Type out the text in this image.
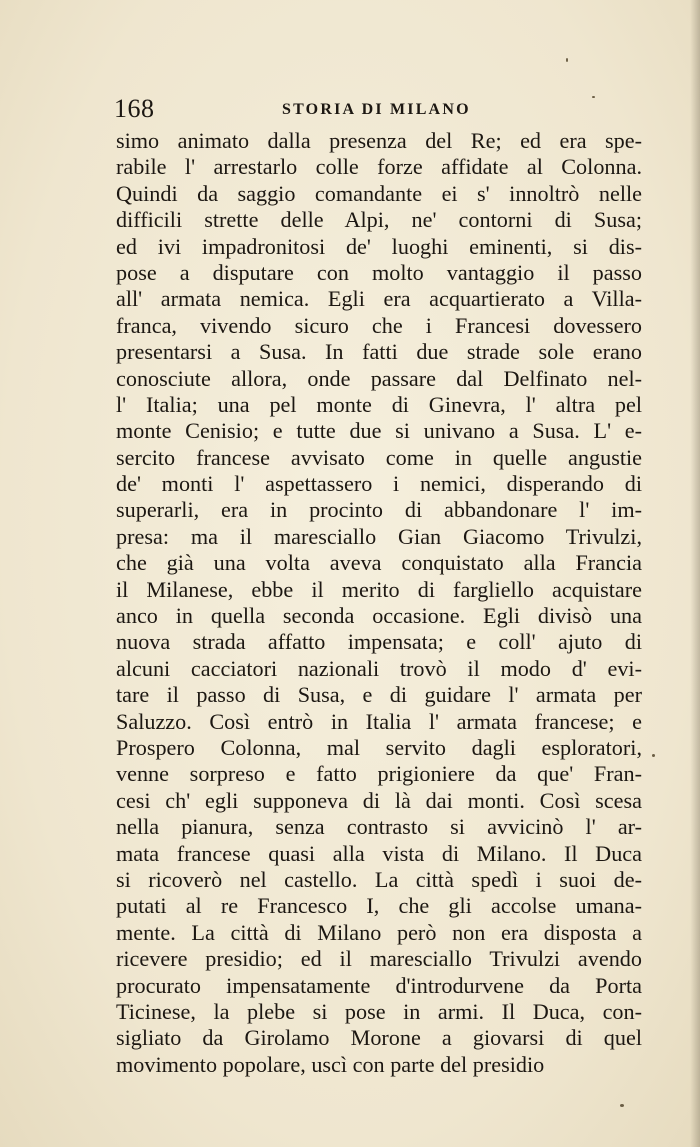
168	STORIA DI MILANO
simo animato dalla presenza del Re; ed era spe-
rabile l' arrestarlo colle forze affidate al Colonna.
Quindi da saggio comandante ei s' innoltrò nelle
difficili strette delle Alpi, ne' contorni di Susa;
ed ivi impadronitosi de' luoghi eminenti, si dis-
pose a disputare con molto vantaggio il passo
all' armata nemica. Egli era acquartierato a Villa-
franca, vivendo sicuro che i Francesi dovessero
presentarsi a Susa. In fatti due strade sole erano
conosciute allora, onde passare dal Delfinato nel-
l' Italia; una pel monte di Ginevra, l' altra pel
monte Cenisio; e tutte due si univano a Susa. L' e-
sercito francese avvisato come in quelle angustie
de' monti l' aspettassero i nemici, disperando di
superarli, era in procinto di abbandonare l' im-
presa: ma il maresciallo Gian Giacomo Trivulzi,
che già una volta aveva conquistato alla Francia
il Milanese, ebbe il merito di fargliello acquistare
anco in quella seconda occasione. Egli divisò una
nuova strada affatto impensata; e coll' ajuto di
alcuni cacciatori nazionali trovò il modo d' evi-
tare il passo di Susa, e di guidare l' armata per
Saluzzo. Così entrò in Italia l' armata francese; e
Prospero Colonna, mal servito dagli esploratori,
venne sorpreso e fatto prigioniere da que' Fran-
cesi ch' egli supponeva di là dai monti. Così scesa
nella pianura, senza contrasto si avvicinò l' ar-
mata francese quasi alla vista di Milano. Il Duca
si ricoverò nel castello. La città spedì i suoi de-
putati al re Francesco I, che gli accolse umana-
mente. La città di Milano però non era disposta a
ricevere presidio; ed il maresciallo Trivulzi avendo
procurato impensatamente d'introdurvene da Porta
Ticinese, la plebe si pose in armi. Il Duca, con-
sigliato da Girolamo Morone a giovarsi di quel
movimento popolare, uscì con parte del presidio
